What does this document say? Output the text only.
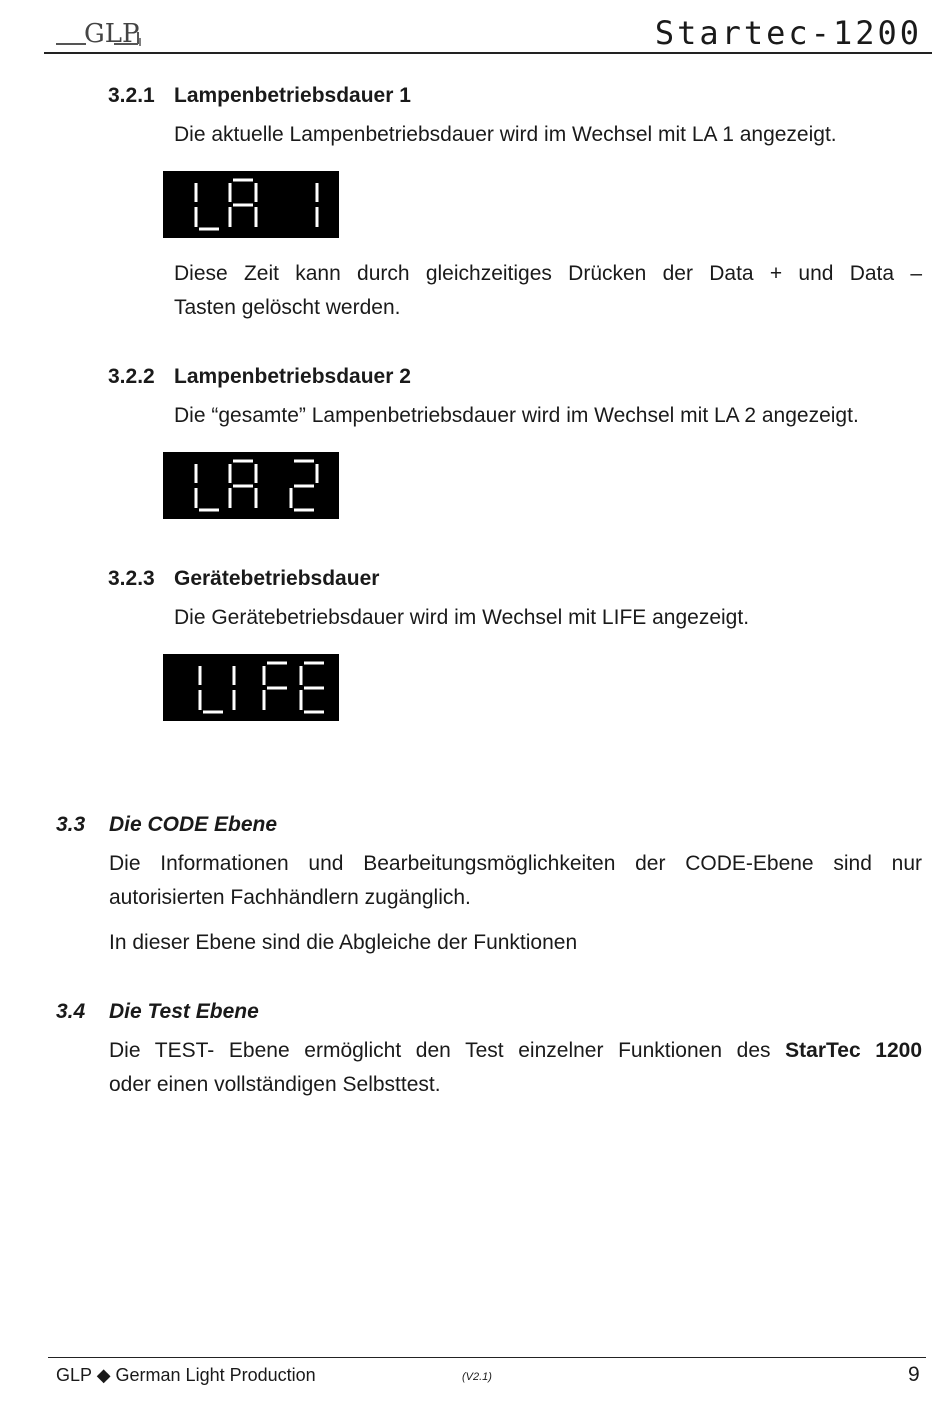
GLP	Startec-1200
3.2.1 Lampenbetriebsdauer 1
Die aktuelle Lampenbetriebsdauer wird im Wechsel mit LA 1 angezeigt.
Diese Zeit kann durch gleichzeitiges Drücken der Data + und Data –
Tasten gelöscht werden.
3.2.2 Lampenbetriebsdauer 2
Die “gesamte” Lampenbetriebsdauer wird im Wechsel mit LA 2 angezeigt.
3.2.3 Gerätebetriebsdauer
Die Gerätebetriebsdauer wird im Wechsel mit LIFE angezeigt.
3.3 Die CODE Ebene
Die Informationen und Bearbeitungsmöglichkeiten der CODE-Ebene sind nur
autorisierten Fachhändlern zugänglich.
In dieser Ebene sind die Abgleiche der Funktionen
3.4 Die Test Ebene
Die TEST- Ebene ermöglicht den Test einzelner Funktionen des StarTec 1200
oder einen vollständigen Selbsttest.
GLP ◆ German Light Production	(V2.1)	9
